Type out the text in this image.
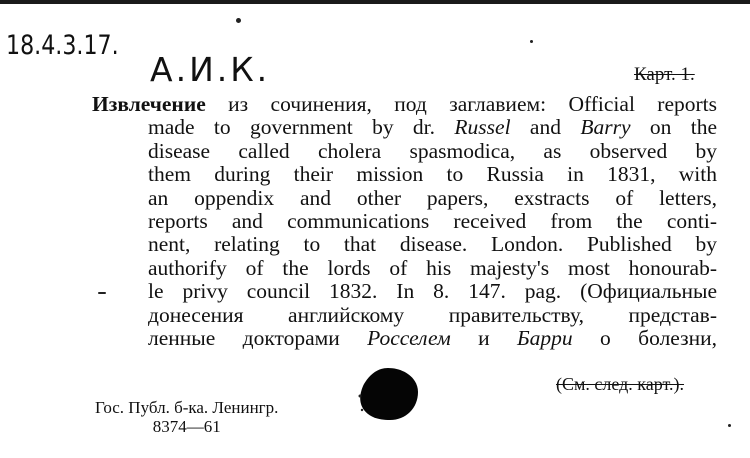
18.4.3.17.
А.И.К.	Карт. 1.
Извлечение из сочинения, под заглавием: Official reports
made to government by dr. Russel and Barry on the
disease called cholera spasmodica, as observed by
them during their mission to Russia in 1831, with
an oppendix and other papers, exstracts of letters,
reports and communications received from the conti-
nent, relating to that disease. London. Published by
authorify of the lords of his majesty's most honourab-
le privy council 1832. In 8. 147. pag. (Официальные
донесения английскому правительству, представ-
ленные докторами Росселем и Барри о болезни,
(См. след. карт.).
Гос. Публ. б-ка. Ленингр.
8374—61
